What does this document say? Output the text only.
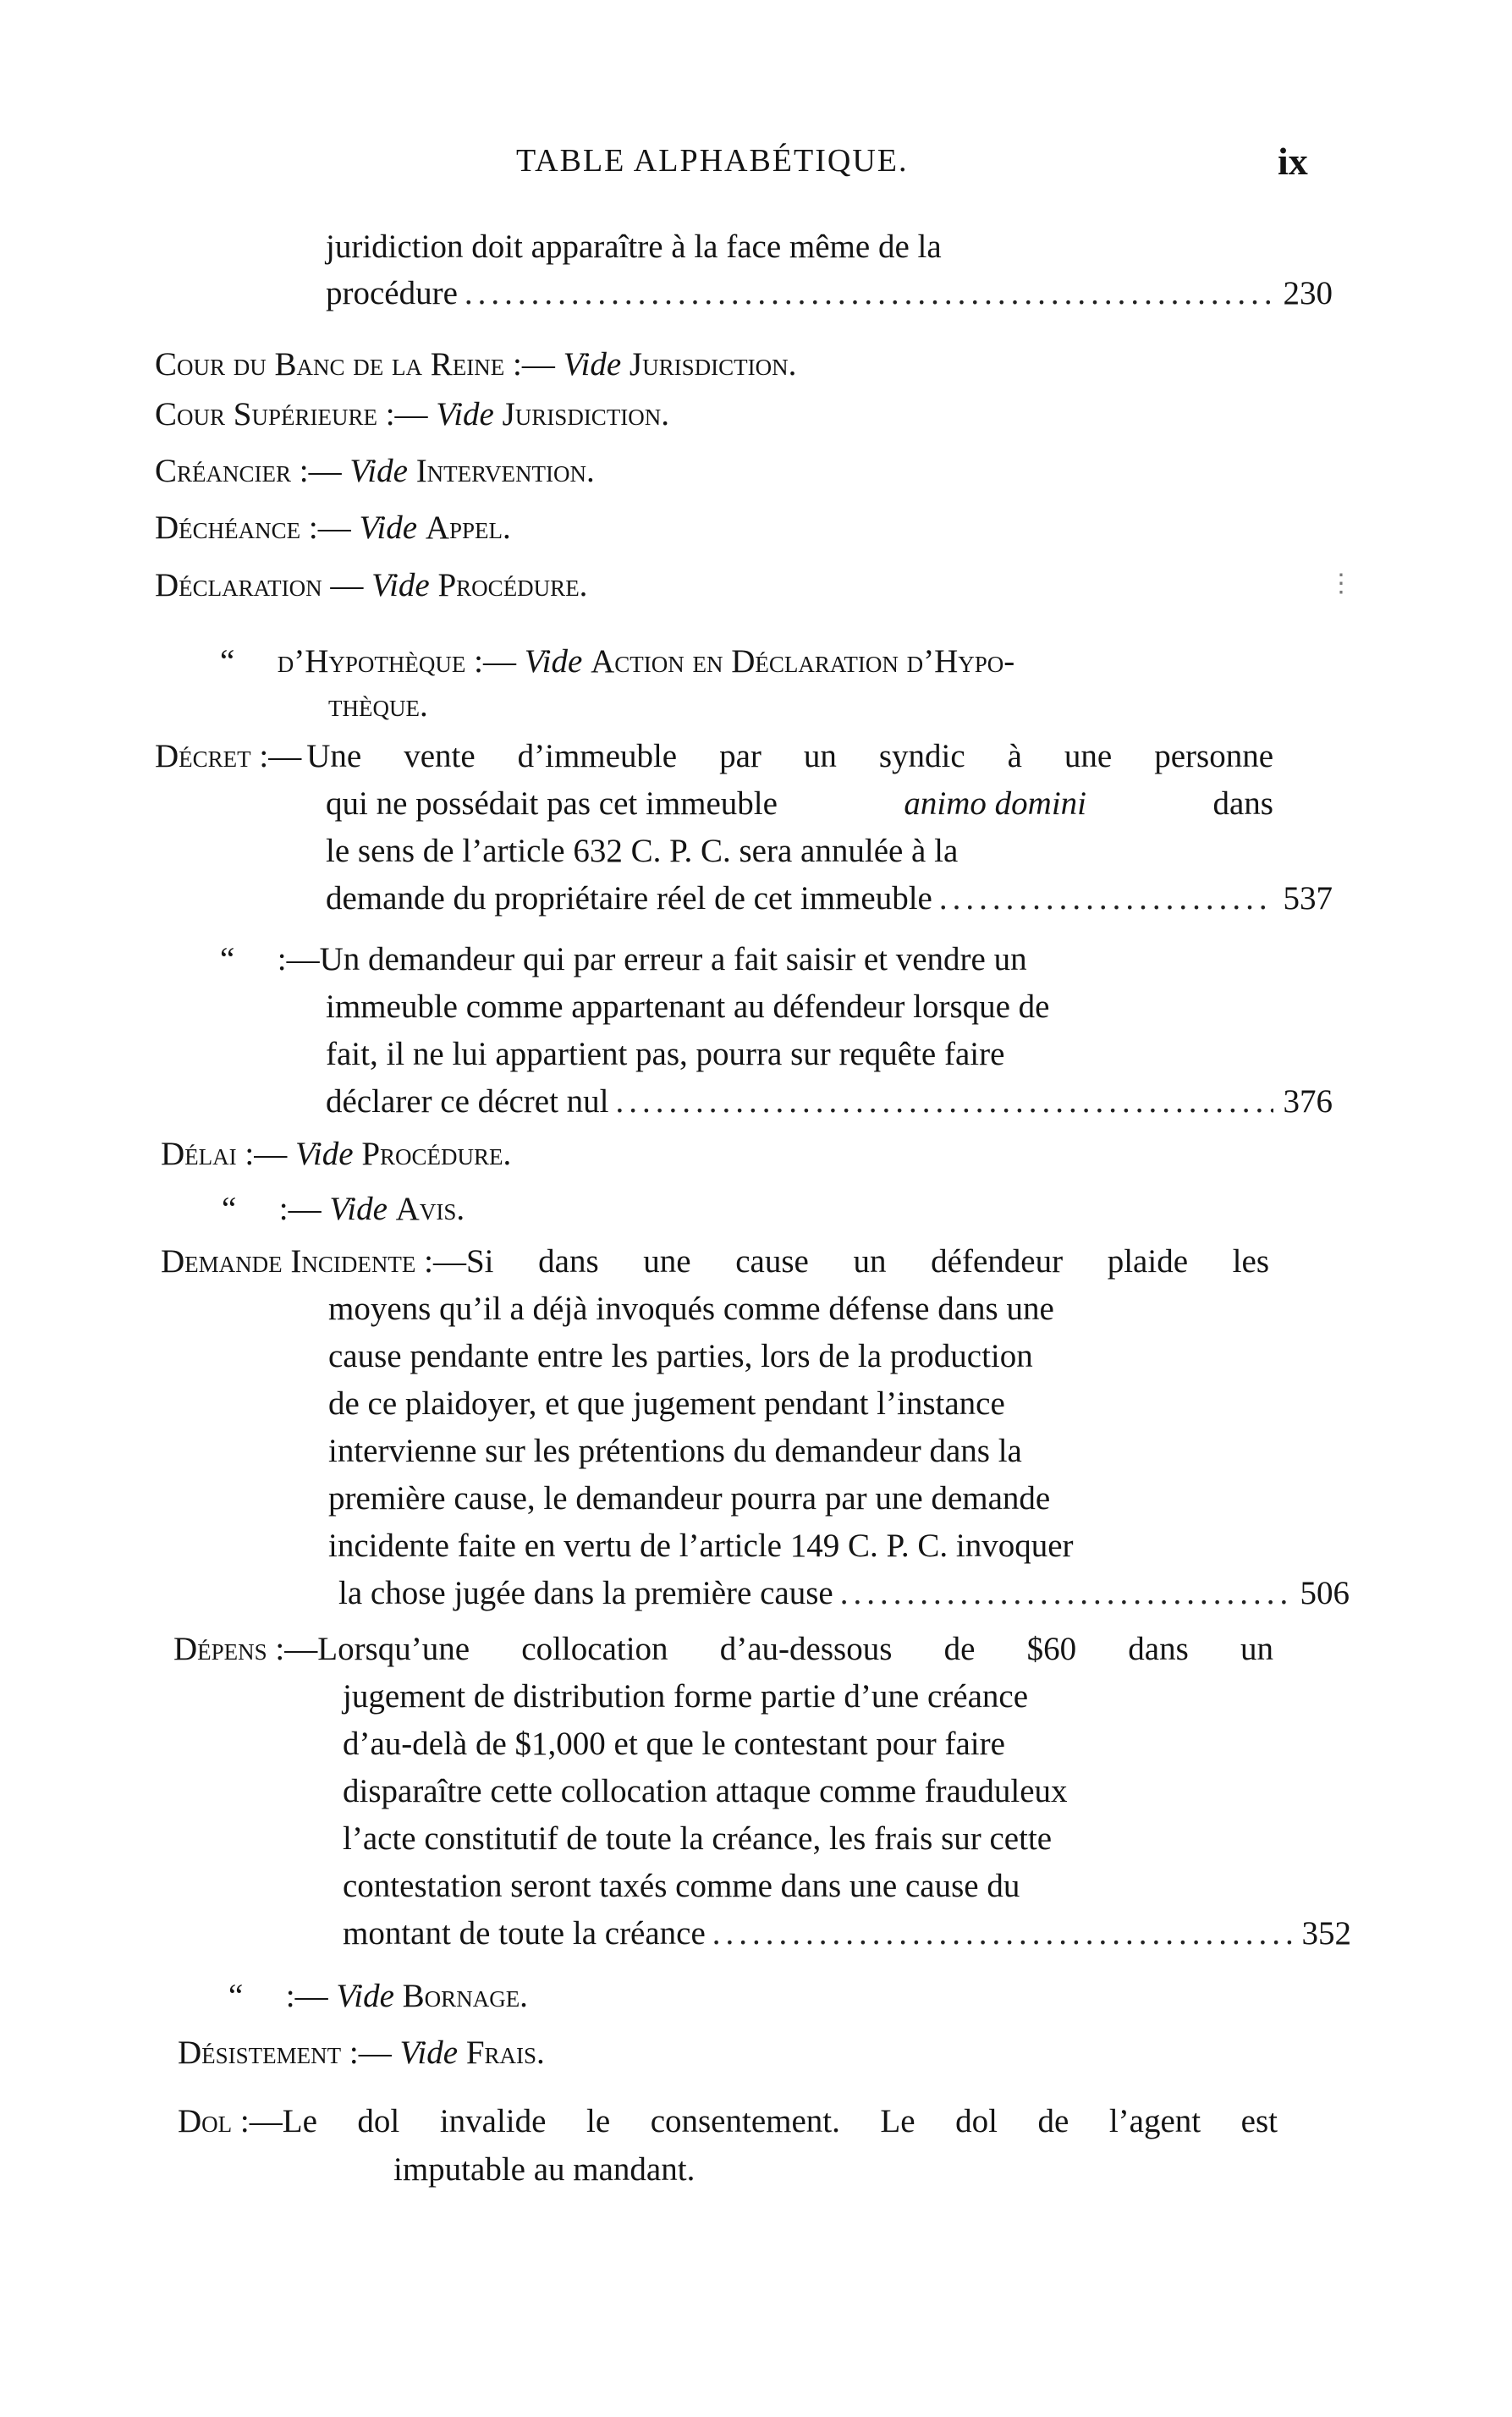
TABLE ALPHABÉTIQUE.	ix
juridiction doit apparaître à la face même de la
procédure .....	230
Cour du Banc de la Reine :— Vide Jurisdiction.
Cour Supérieure :— Vide Jurisdiction.
Créancier :— Vide Intervention.
Déchéance :— Vide Appel.
Déclaration — Vide Procédure.	⋮
“ d’Hypothèque :— Vide Action en Déclaration d’Hypo-
thèque.
Décret :— Une vente d’immeuble par un syndic à une personne
qui ne possédait pas cet immeuble	animo domini	dans
le sens de l’article 632 C. P. C. sera annulée à la
demande du propriétaire réel de cet immeuble .....	537
“ :—Un demandeur qui par erreur a fait saisir et vendre un
immeuble comme appartenant au défendeur lorsque de
fait, il ne lui appartient pas, pourra sur requête faire
déclarer ce décret nul .....	376
Délai :— Vide Procédure.
“ :— Vide Avis.
Demande Incidente :— Si dans une cause un défendeur plaide les
moyens qu’il a déjà invoqués comme défense dans une
cause pendante entre les parties, lors de la production
de ce plaidoyer, et que jugement pendant l’instance
intervienne sur les prétentions du demandeur dans la
première cause, le demandeur pourra par une demande
incidente faite en vertu de l’article 149 C. P. C. invoquer
la chose jugée dans la première cause .....	506
Dépens :— Lorsqu’une collocation d’au-dessous de $60 dans un
jugement de distribution forme partie d’une créance
d’au-delà de $1,000 et que le contestant pour faire
disparaître cette collocation attaque comme frauduleux
l’acte constitutif de toute la créance, les frais sur cette
contestation seront taxés comme dans une cause du
montant de toute la créance .....	352
“ :— Vide Bornage.
Désistement :— Vide Frais.
Dol :— Le dol invalide le consentement. Le dol de l’agent est
imputable au mandant.
